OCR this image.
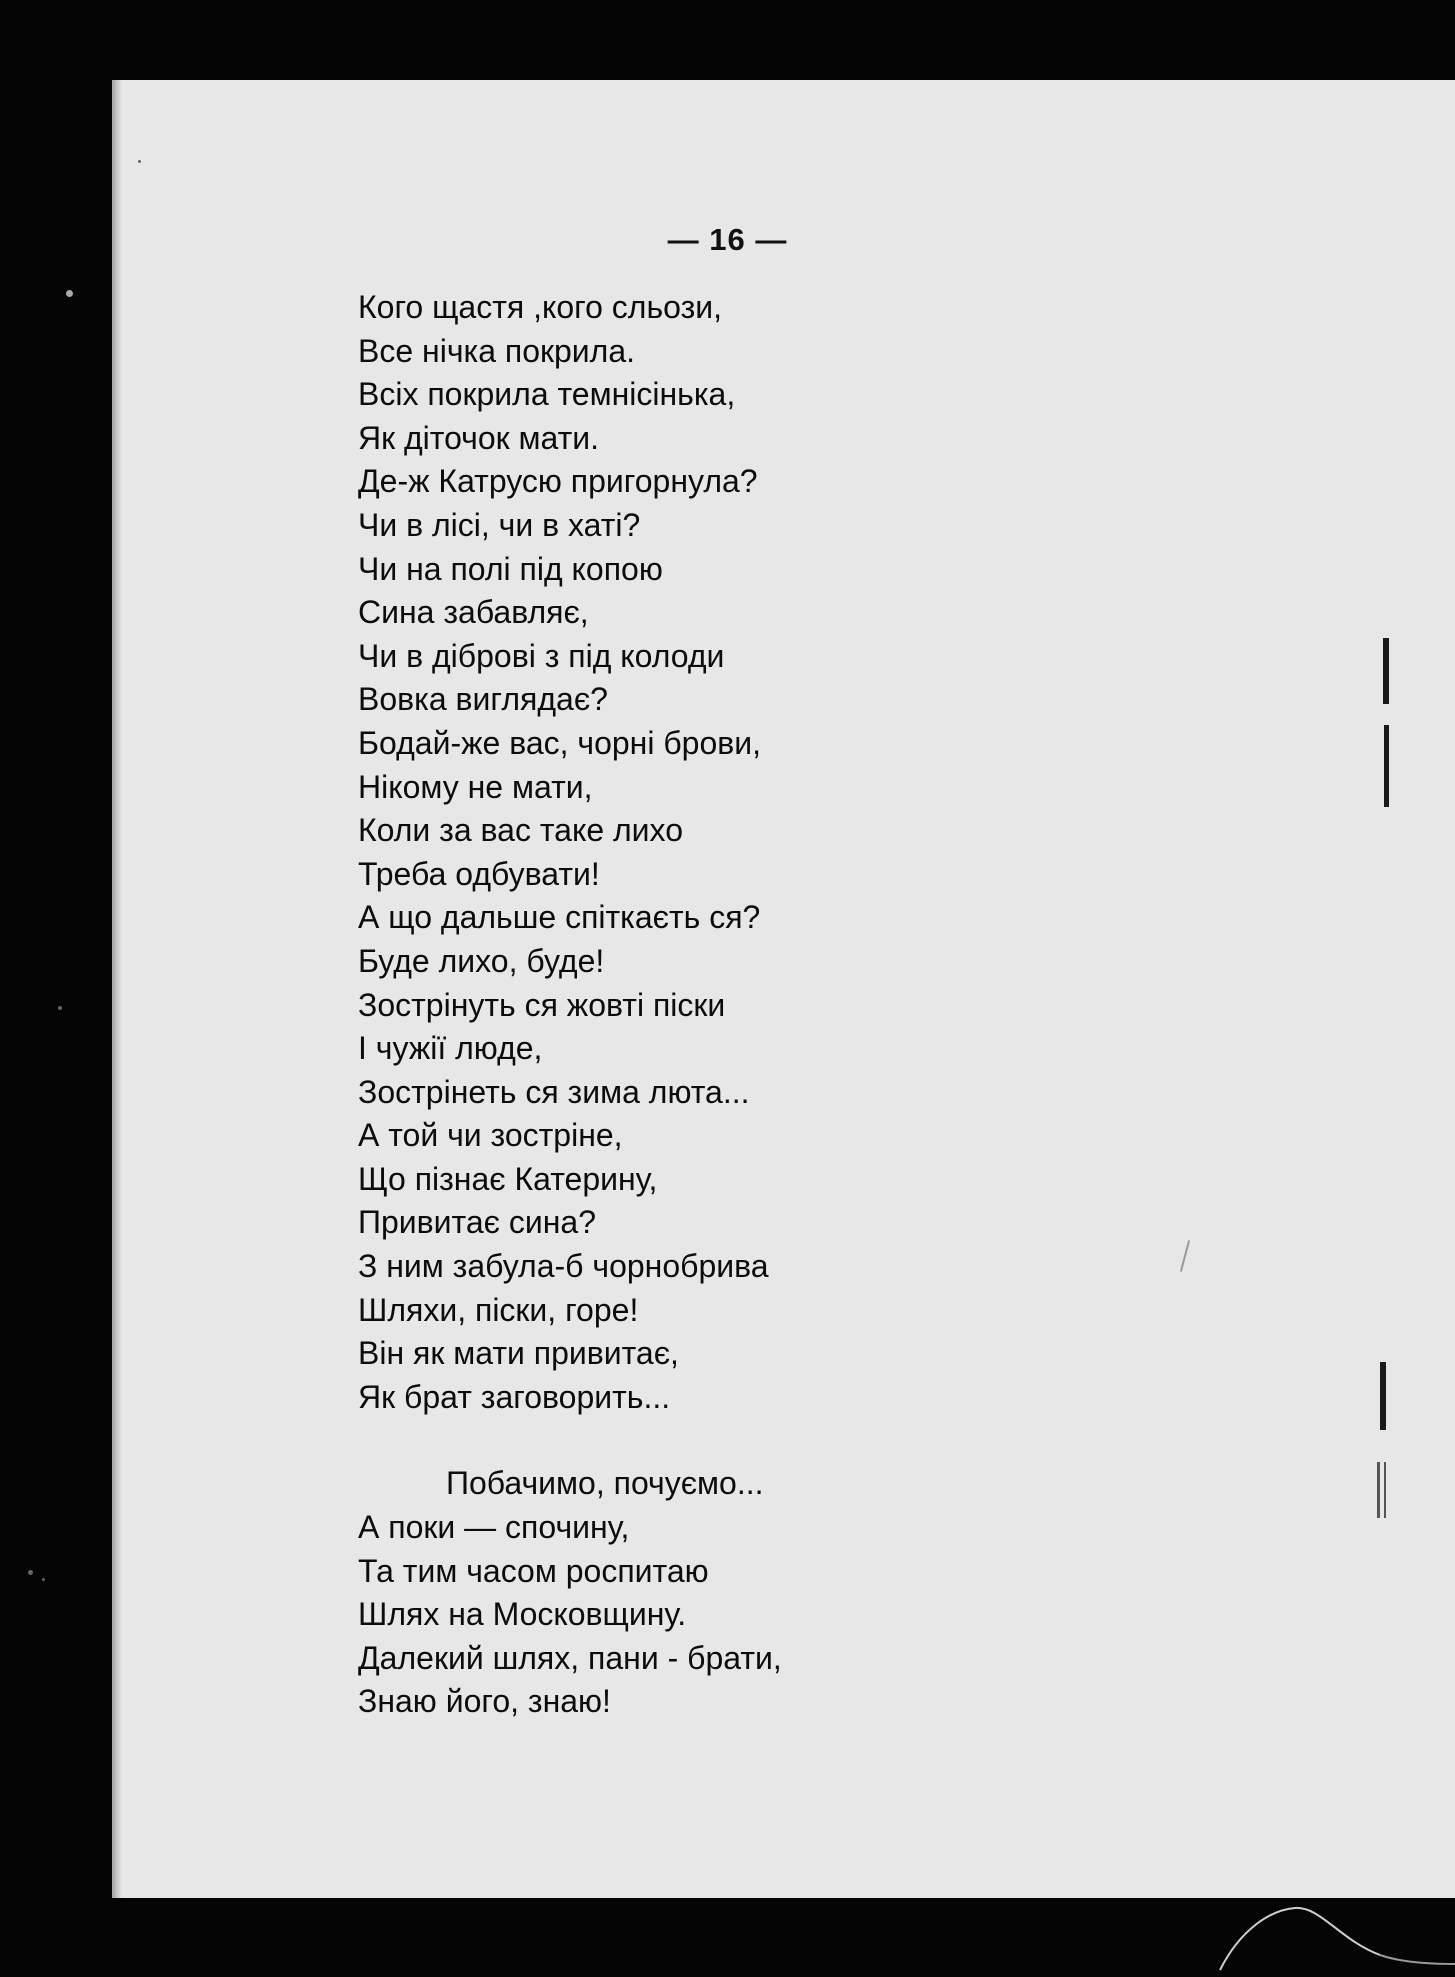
— 16 —
Кого щастя ,кого сльози,
Все нічка покрила.
Всіх покрила темнісінька,
Як діточок мати.
Де-ж Катрусю пригорнула?
Чи в лісі, чи в хаті?
Чи на полі під копою
Сина забавляє,
Чи в діброві з під колоди
Вовка виглядає?
Бодай-же вас, чорні брови,
Нікому не мати,
Коли за вас таке лихо
Треба одбувати!
А що дальше спіткаєть ся?
Буде лихо, буде!
Зострінуть ся жовті піски
І чужії люде,
Зострінеть ся зима люта...
А той чи зостріне,
Що пізнає Катерину,
Привитає сина?
З ним забула-б чорнобрива
Шляхи, піски, горе!
Він як мати привитає,
Як брат заговорить...
Побачимо, почуємо...
А поки — спочину,
Та тим часом роспитаю
Шлях на Московщину.
Далекий шлях, пани - брати,
Знаю його, знаю!
